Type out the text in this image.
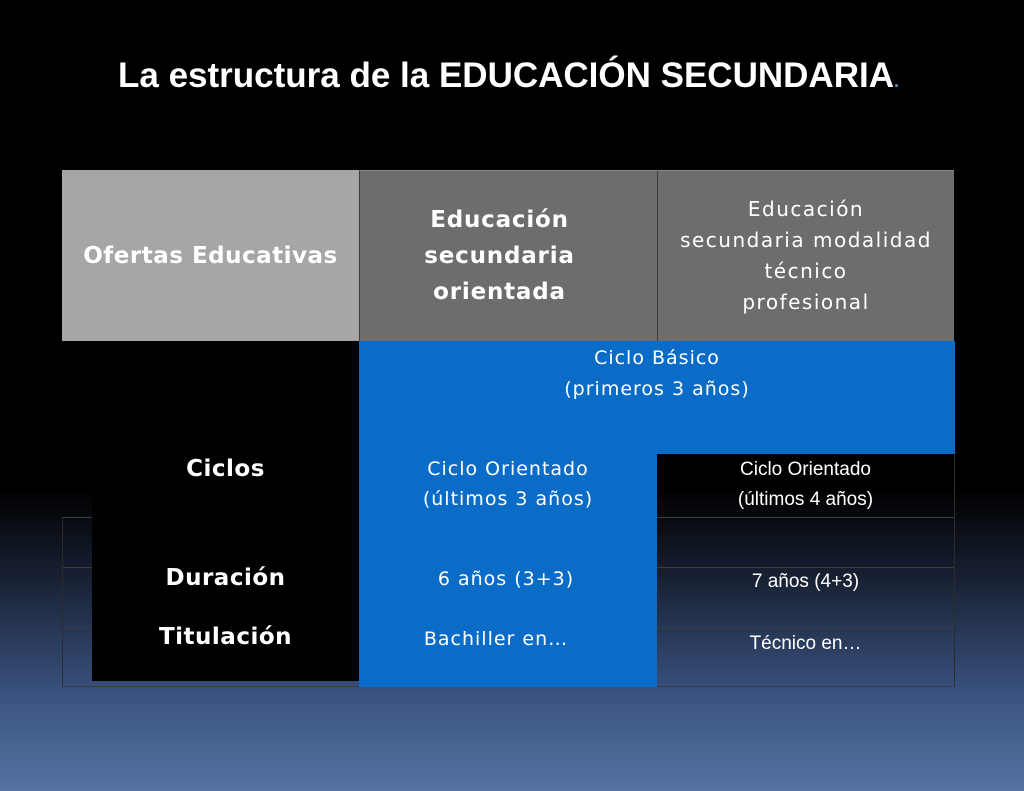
La estructura de la EDUCACIÓN SECUNDARIA.
Ofertas Educativas
Educación
secundaria
orientada
Educación
secundaria modalidad
técnico
profesional
Ciclos
Duración
Titulación
Ciclo Básico
(primeros 3 años)
Ciclo Orientado
(últimos 3 años)
Ciclo Orientado
(últimos 4 años)
6 años (3+3)	7 años (4+3)
Bachiller en…	Técnico en…
